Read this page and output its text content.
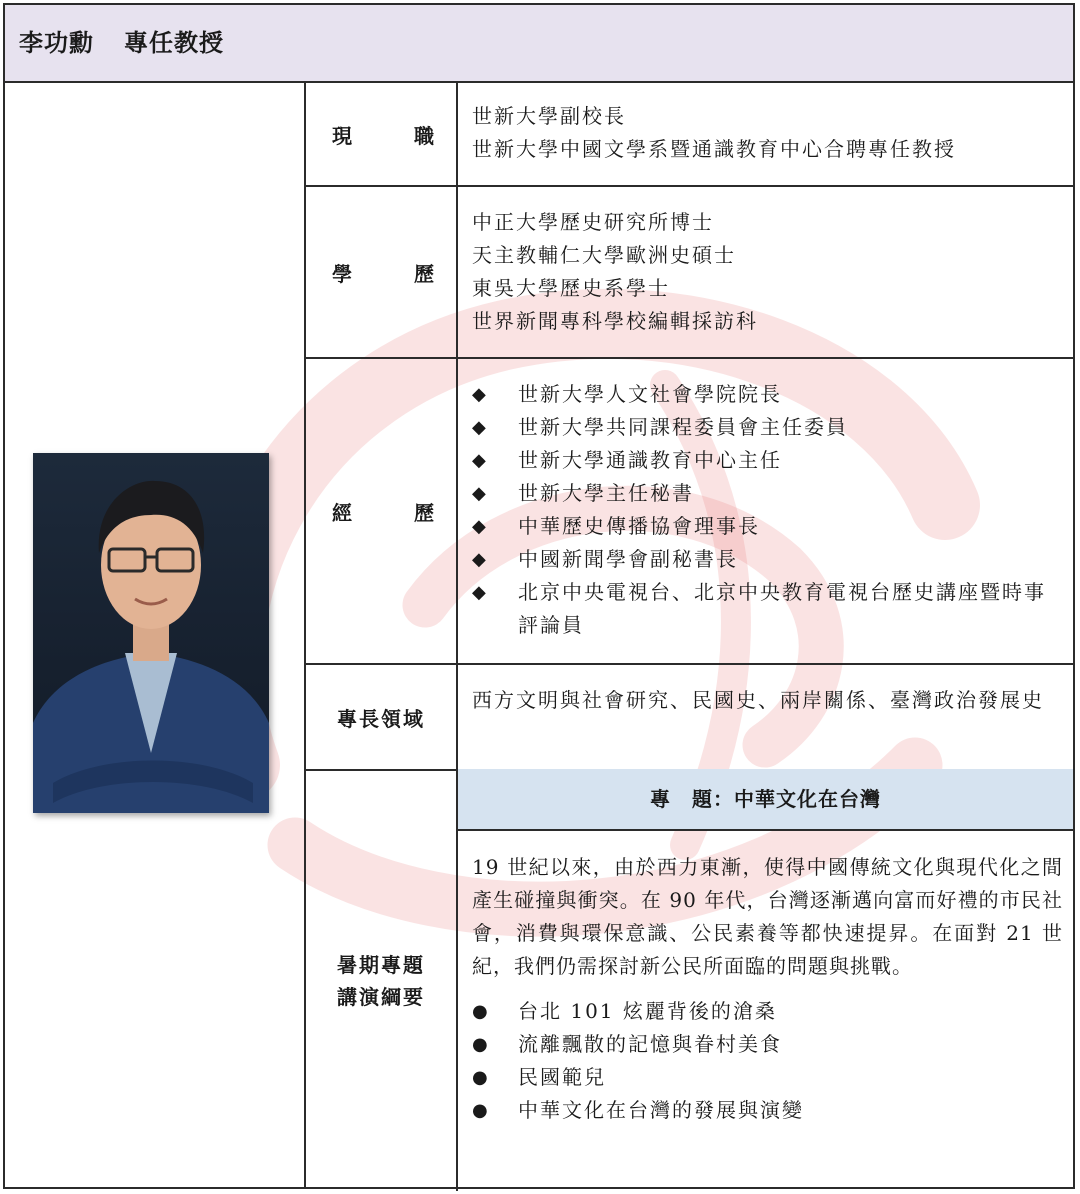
李功勳 專任教授
現	職
世新大學副校長
世新大學中國文學系暨通識教育中心合聘專任教授
學	歷
中正大學歷史研究所博士
天主教輔仁大學歐洲史碩士
東吳大學歷史系學士
世界新聞專科學校編輯採訪科
經	歷
◆	世新大學人文社會學院院長
◆	世新大學共同課程委員會主任委員
◆	世新大學通識教育中心主任
◆	世新大學主任秘書
◆	中華歷史傳播協會理事長
◆	中國新聞學會副秘書長
◆	北京中央電視台、北京中央教育電視台歷史講座暨時事評論員
專長領域
西方文明與社會研究、民國史、兩岸關係、臺灣政治發展史
暑期專題
講演綱要
專　題：中華文化在台灣
19 世紀以來，由於西力東漸，使得中國傳統文化與現代化之間產生碰撞與衝突。在 90 年代，台灣逐漸邁向富而好禮的市民社會，消費與環保意識、公民素養等都快速提昇。在面對 21 世紀，我們仍需探討新公民所面臨的問題與挑戰。
●	台北 101 炫麗背後的滄桑
●	流離飄散的記憶與眷村美食
●	民國範兒
●	中華文化在台灣的發展與演變
